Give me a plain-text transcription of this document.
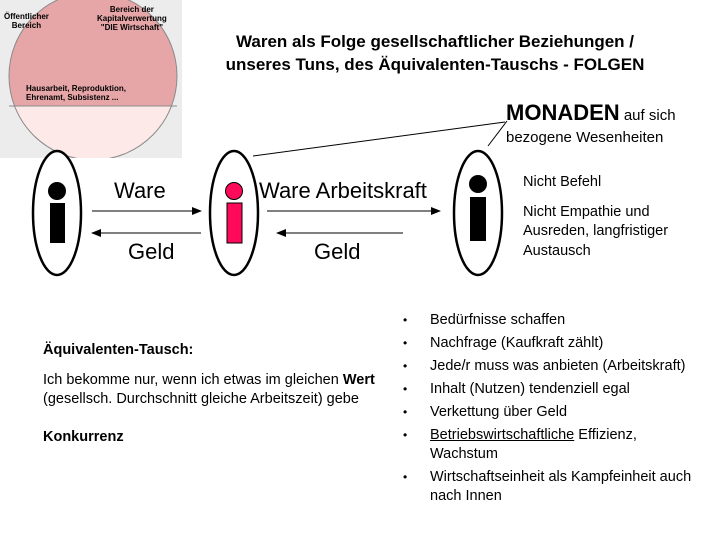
Öffentlicher
Bereich
Bereich der
Kapitalverwertung
"DIE Wirtschaft"
Hausarbeit, Reproduktion,
Ehrenamt, Subsistenz ...
Waren als Folge gesellschaftlicher Beziehungen /
unseres Tuns, des Äquivalenten-Tauschs - FOLGEN
Ware
Geld
Ware Arbeitskraft
Geld
MONADEN auf sich
bezogene Wesenheiten
Nicht Befehl
Nicht Empathie und Ausreden, langfristiger Austausch
Äquivalenten-Tausch:
Ich bekomme nur, wenn ich etwas im gleichen Wert (gesellsch. Durchschnitt gleiche Arbeitszeit) gebe
Konkurrenz
• Bedürfnisse schaffen
• Nachfrage (Kaufkraft zählt)
• Jede/r muss was anbieten (Arbeitskraft)
• Inhalt (Nutzen) tendenziell egal
• Verkettung über Geld
• Betriebswirtschaftliche Effizienz, Wachstum
• Wirtschaftseinheit als Kampfeinheit auch nach Innen
